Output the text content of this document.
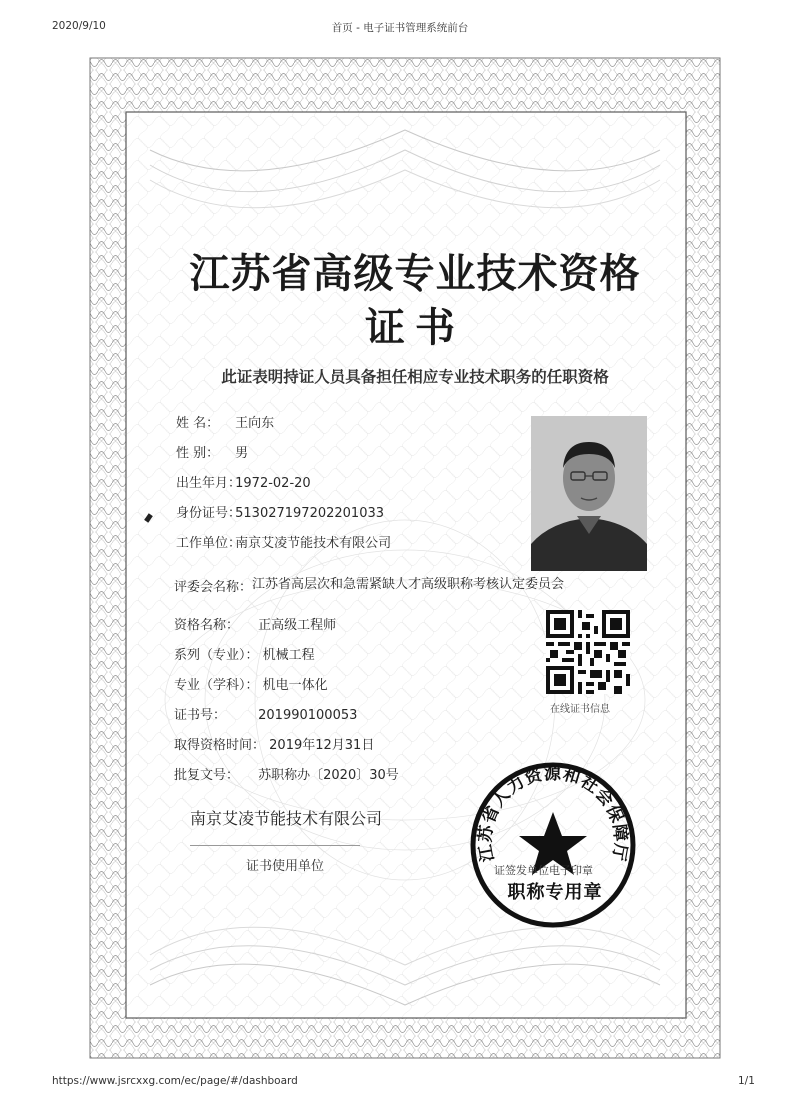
2020/9/10	首页 - 电子证书管理系统前台
江苏省高级专业技术资格
证书
此证表明持证人员具备担任相应专业技术职务的任职资格
姓 名： 王向东
性 别： 男
出生年月： 1972-02-20
身份证号： 513027197202201033
工作单位： 南京艾凌节能技术有限公司
评委会名称：江苏省高层次和急需紧缺人才高级职称考核认定委员会
资格名称： 正高级工程师
系列（专业）： 机械工程
专业（学科）： 机电一体化
证书号： 201990100053
取得资格时间： 2019年12月31日
批复文号： 苏职称办〔2020〕30号
在线证书信息
南京艾凌节能技术有限公司
证书使用单位
江苏省人力资源和社会保障厅
证签发单位电子印章
职称专用章
https://www.jsrcxxg.com/ec/page/#/dashboard	1/1
